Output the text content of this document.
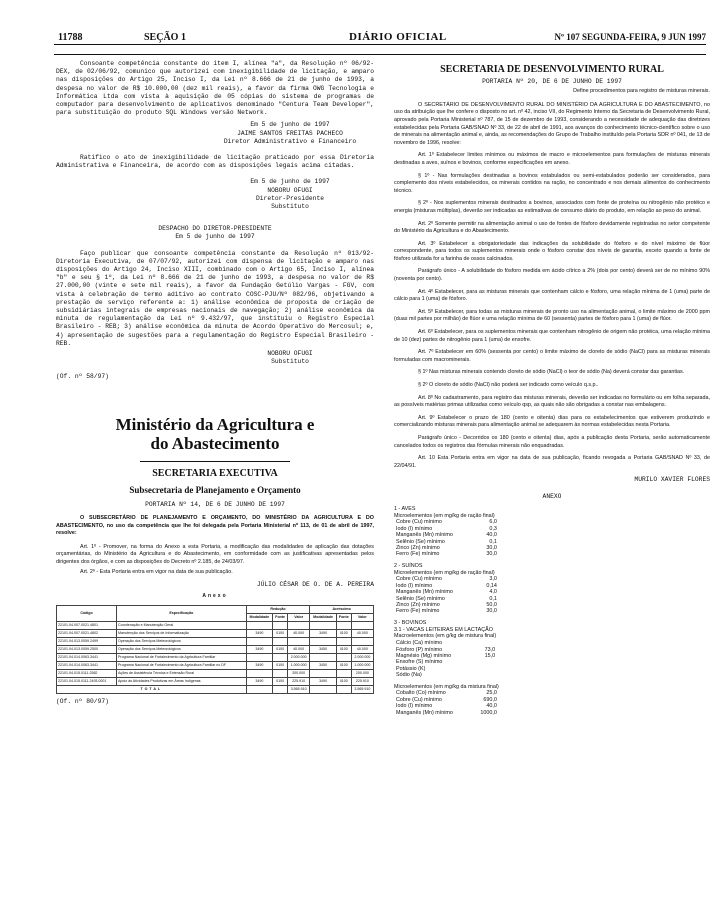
11788	SEÇÃO 1	DIÁRIO OFICIAL	Nº 107 SEGUNDA-FEIRA, 9 JUN 1997

Consoante competência constante do item I, alínea "a", da Resolução nº 06/92-DEX, de 02/06/92, comunico que autorizei com inexigibilidade de licitação, e amparo nas disposições do Artigo 25, Inciso I, da Lei nº 8.666 de 21 de junho de 1993, a despesa no valor de R$ 10.000,00 (dez mil reais), a favor da firma OWG Tecnologia e Informática Ltda com vista à aquisição de 05 cópias do sistema de programas de computador para desenvolvimento de aplicativos denominado "Centura Team Developer", para substituição do produto SQL Windows versão Network.

Em 5 de junho de 1997

JAIME SANTOS FREITAS PACHECO

Diretor Administrativo e Financeiro

Ratifico o ato de inexigibilidade de licitação praticado por essa Diretoria Administrativa e Financeira, de acordo com as disposições legais acima citadas.

Em 5 de junho de 1997

NOBORU OFUGI

Diretor-Presidente

Substituto

DESPACHO DO DIRETOR-PRESIDENTE

Em 5 de junho de 1997

Faço publicar que consoante competência constante da Resolução nº 013/92-Diretoria Executiva, de 07/07/92, autorizei com dispensa de licitação e amparo nas disposições do Artigo 24, Inciso XIII, combinado com o Artigo 65, Inciso I, alínea "b" e seu § 1º, da Lei nº 8.666 de 21 de junho de 1993, a despesa no valor de R$ 27.000,00 (vinte e sete mil reais), a favor da Fundação Getúlio Vargas - FGV, com vista à celebração de termo aditivo ao contrato COSC-PJU/Nº 082/96, objetivando a prestação de serviço referente a: 1) análise econômica de proposta de criação de subsidiárias integrais de empresas nacionais de navegação; 2) análise econômica da minuta de regulamentação da Lei nº 9.432/97, que instituiu o Registro Especial Brasileiro - REB; 3) análise econômica da minuta de Acordo Operativo do Mercosul; e, 4) apresentação de sugestões para a regulamentação do Registro Especial Brasileiro - REB.

NOBORU OFUGI

Substituto

(Of. nº 58/97)

Ministério da Agricultura e
do Abastecimento
SECRETARIA EXECUTIVA
Subsecretaria de Planejamento e Orçamento

PORTARIA Nº 14, DE 6 DE JUNHO DE 1997

O SUBSECRETÁRIO DE PLANEJAMENTO E ORÇAMENTO, DO MINISTÉRIO DA AGRICULTURA E DO ABASTECIMENTO, no uso da competência que lhe foi delegada pela Portaria Ministerial nº 113, de 01 de abril de 1997, resolve:

Art. 1º - Promover, na forma do Anexo a esta Portaria, a modificação das modalidades de aplicação das dotações orçamentárias, do Ministério da Agricultura e do Abastecimento, em conformidade com as justificativas apresentadas pelos dirigentes dos órgãos, e com as disposições do Decreto nº 2.185, de 24/03/97.

Art. 2º - Esta Portaria entra em vigor na data de sua publicação.

JÚLIO CÉSAR DE O. DE A. PEREIRA

Anexo
Código	Especificação	Redução			Acréscimo		
		Modalidade	Fonte	Valor	Modalidade	Fonte	Valor
22101.04.007.0021.4801	Coordenação e Manutenção Geral						
22101.04.007.0021.4802	Manutenção dos Serviços de Informatização	3490	0100	40.000	3490	0100	40.000
22101.04.013.0059.2499	Operação dos Serviços Meteorológicos						
22101.04.013.0059.2500	Operação dos Serviços Meteorológicos	3490	0100	40.000	3450	0100	40.000
22101.04.014.0063.3441	Programa Nacional de Fortalecimento da Agricultura Familiar			2.000.000			2.000.000
22101.04.014.0063.3441	Programa Nacional de Fortalecimento da Agricultura Familiar no DF	3490	0100	1.000.000	3450	0100	1.000.000
22101.04.015.0111.2582	Ações de Assistência Técnica e Extensão Rural			200.000			200.000
22101.04.015.0111.2493.0001	Apoio às Atividades Produtivas em Áreas Indígenas	3490	0100	225.910	3490	0100	225.910
TOTAL				3.565.910			3.565.910

(Of. nº 80/97)

SECRETARIA DE DESENVOLVIMENTO RURAL

PORTARIA Nº 20, DE 6 DE JUNHO DE 1997

Define procedimentos para registro de misturas minerais.

O SECRETÁRIO DE DESENVOLVIMENTO RURAL DO MINISTÉRIO DA AGRICULTURA E DO ABASTECIMENTO, no uso da atribuição que lhe confere o disposto no art. nº 42, inciso VII, do Regimento Interno da Secretaria de Desenvolvimento Rural, aprovado pela Portaria Ministerial nº 787, de 15 de dezembro de 1993, considerando a necessidade de adequação das diretrizes estabelecidas pela Portaria GAB/SNAD Nº 33, de 22 de abril de 1991, aos avanços do conhecimento técnico-científico sobre o uso de minerais na alimentação animal e, ainda, as recomendações do Grupo de Trabalho instituído pela Portaria SDR nº 041, de 13 de novembro de 1996, resolve:

Art. 1º Estabelecer limites mínimos ou máximos de macro e microelementos para formulações de misturas minerais destinadas a aves, suínos e bovinos, conforme especificações em anexo.

§ 1º - Nas formulações destinadas a bovinos estabulados ou semi-estabulados poderão ser considerados, para complemento dos níveis estabelecidos, os minerais contidos na ração, no concentrado e nos demais alimentos do conhecimento técnico.

§ 2º - Nos suplementos minerais destinados a bovinos, associados com fonte de proteína ou nitrogênio não protéico e energia (misturas múltiplas), deverão ser indicadas as estimativas de consumo diário do produto, em relação ao peso do animal.

Art. 2º Somente permitir na alimentação animal o uso de fontes de fósforo devidamente registradas no setor competente do Ministério da Agricultura e do Abastecimento.

Art. 3º Estabelecer a obrigatoriedade das indicações da solubilidade do fósforo e do nível máximo de flúor correspondente, para todos os suplementos minerais onde o fósforo constar dos níveis de garantia, exceto quando a fonte de fósforo utilizada for a farinha de ossos calcinados.

Parágrafo único - A solubilidade do fósforo medida em ácido cítrico a 2% (dois por cento) deverá ser de no mínimo 90% (noventa por cento).

Art. 4º Estabelecer, para as misturas minerais que contenham cálcio e fósforo, uma relação mínima de 1 (uma) parte de cálcio para 1 (uma) de fósforo.

Art. 5º Estabelecer, para todas as misturas minerais de pronto uso na alimentação animal, o limite máximo de 2000 ppm (duas mil partes por milhão) de flúor e uma relação mínima de 60 (sessenta) partes de fósforo para 1 (uma) de flúor.

Art. 6º Estabelecer, para os suplementos minerais que contenham nitrogênio de origem não protéica, uma relação mínima de 10 (dez) partes de nitrogênio para 1 (uma) de enxofre.

Art. 7º Estabelecer em 60% (sessenta por cento) o limite máximo de cloreto de sódio (NaCl) para as misturas minerais formuladas com macrominerais.

§ 1º Nas misturas minerais contendo cloreto de sódio (NaCl) o teor de sódio (Na) deverá constar das garantias.

§ 2º O cloreto de sódio (NaCl) não poderá ser indicado como veículo q.s.p..

Art. 8º No cadastramento, para registro das misturas minerais, deverão ser indicadas no formulário ou em folha separada, as possíveis matérias primas utilizadas como veículo qsp, as quais não são obrigadas a constar nas embalagens.

Art. 9º Estabelecer o prazo de 180 (cento e oitenta) dias para os estabelecimentos que estiverem produzindo e comercializando misturas minerais para alimentação animal se adequarem às normas estabelecidas nesta Portaria.

Parágrafo único - Decorridos os 180 (cento e oitenta) dias, após a publicação desta Portaria, serão automaticamente cancelados todos os registros das fórmulas minerais não enquadradas.

Art. 10 Esta Portaria entra em vigor na data de sua publicação, ficando revogada a Portaria GAB/SNAD Nº 33, de 22/04/91.

MURILO XAVIER FLORES

ANEXO

1 - AVES
Microelementos (em mg/kg de ração final)
Cobre (Cu) mínimo	6,0
Iodo (I) mínimo	0,3
Manganês (Mn) mínimo	40,0
Selênio (Se) mínimo	0,1
Zinco (Zn) mínimo	30,0
Ferro (Fe) mínimo	30,0
2 - SUÍNOS
Microelementos (em mg/kg de ração final)
Cobre (Cu) mínimo	3,0
Iodo (I) mínimo	0,14
Manganês (Mn) mínimo	4,0
Selênio (Se) mínimo	0,1
Zinco (Zn) mínimo	50,0
Ferro (Fe) mínimo	30,0
3 - BOVINOS
3.1 - VACAS LEITEIRAS EM LACTAÇÃO
Macroelementos (em g/kg de mistura final)
Cálcio (Ca) mínimo	
Fósforo (P) mínimo	73,0
Magnésio (Mg) mínimo	15,0
Enxofre (S) mínimo	
Potássio (K)	
Sódio (Na)	
Microelementos (em mg/kg da mistura final)
Cobalto (Co) mínimo	25,0
Cobre (Cu) mínimo	690,0
Iodo (I) mínimo	40,0
Manganês (Mn) mínimo	1000,0
